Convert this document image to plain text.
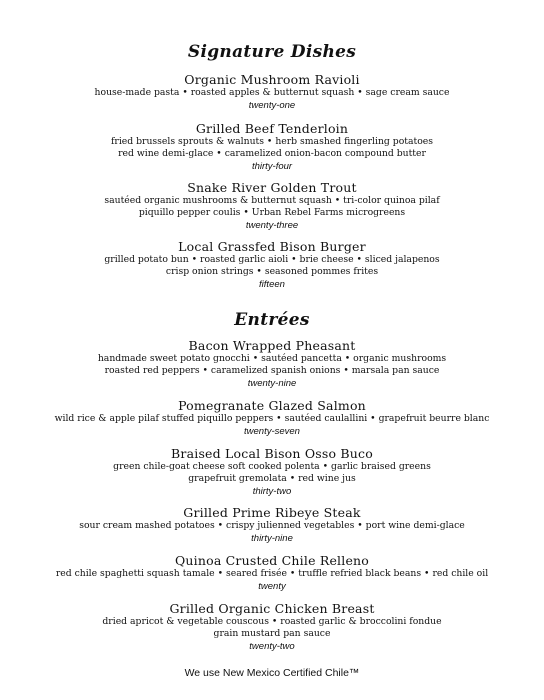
Signature Dishes
Organic Mushroom Ravioli
house-made pasta • roasted apples & butternut squash • sage cream sauce
twenty-one
Grilled Beef Tenderloin
fried brussels sprouts & walnuts • herb smashed fingerling potatoes
red wine demi-glace • caramelized onion-bacon compound butter
thirty-four
Snake River Golden Trout
sautéed organic mushrooms & butternut squash • tri-color quinoa pilaf
piquillo pepper coulis • Urban Rebel Farms microgreens
twenty-three
Local Grassfed Bison Burger
grilled potato bun • roasted garlic aioli • brie cheese • sliced jalapenos
crisp onion strings • seasoned pommes frites
fifteen
Entrées
Bacon Wrapped Pheasant
handmade sweet potato gnocchi • sautéed pancetta • organic mushrooms
roasted red peppers • caramelized spanish onions • marsala pan sauce
twenty-nine
Pomegranate Glazed Salmon
wild rice & apple pilaf stuffed piquillo peppers • sautéed caulallini • grapefruit beurre blanc
twenty-seven
Braised Local Bison Osso Buco
green chile-goat cheese soft cooked polenta • garlic braised greens
grapefruit gremolata • red wine jus
thirty-two
Grilled Prime Ribeye Steak
sour cream mashed potatoes • crispy julienned vegetables • port wine demi-glace
thirty-nine
Quinoa Crusted Chile Relleno
red chile spaghetti squash tamale • seared frisée • truffle refried black beans • red chile oil
twenty
Grilled Organic Chicken Breast
dried apricot & vegetable couscous • roasted garlic & broccolini fondue
grain mustard pan sauce
twenty-two
We use New Mexico Certified Chile™
